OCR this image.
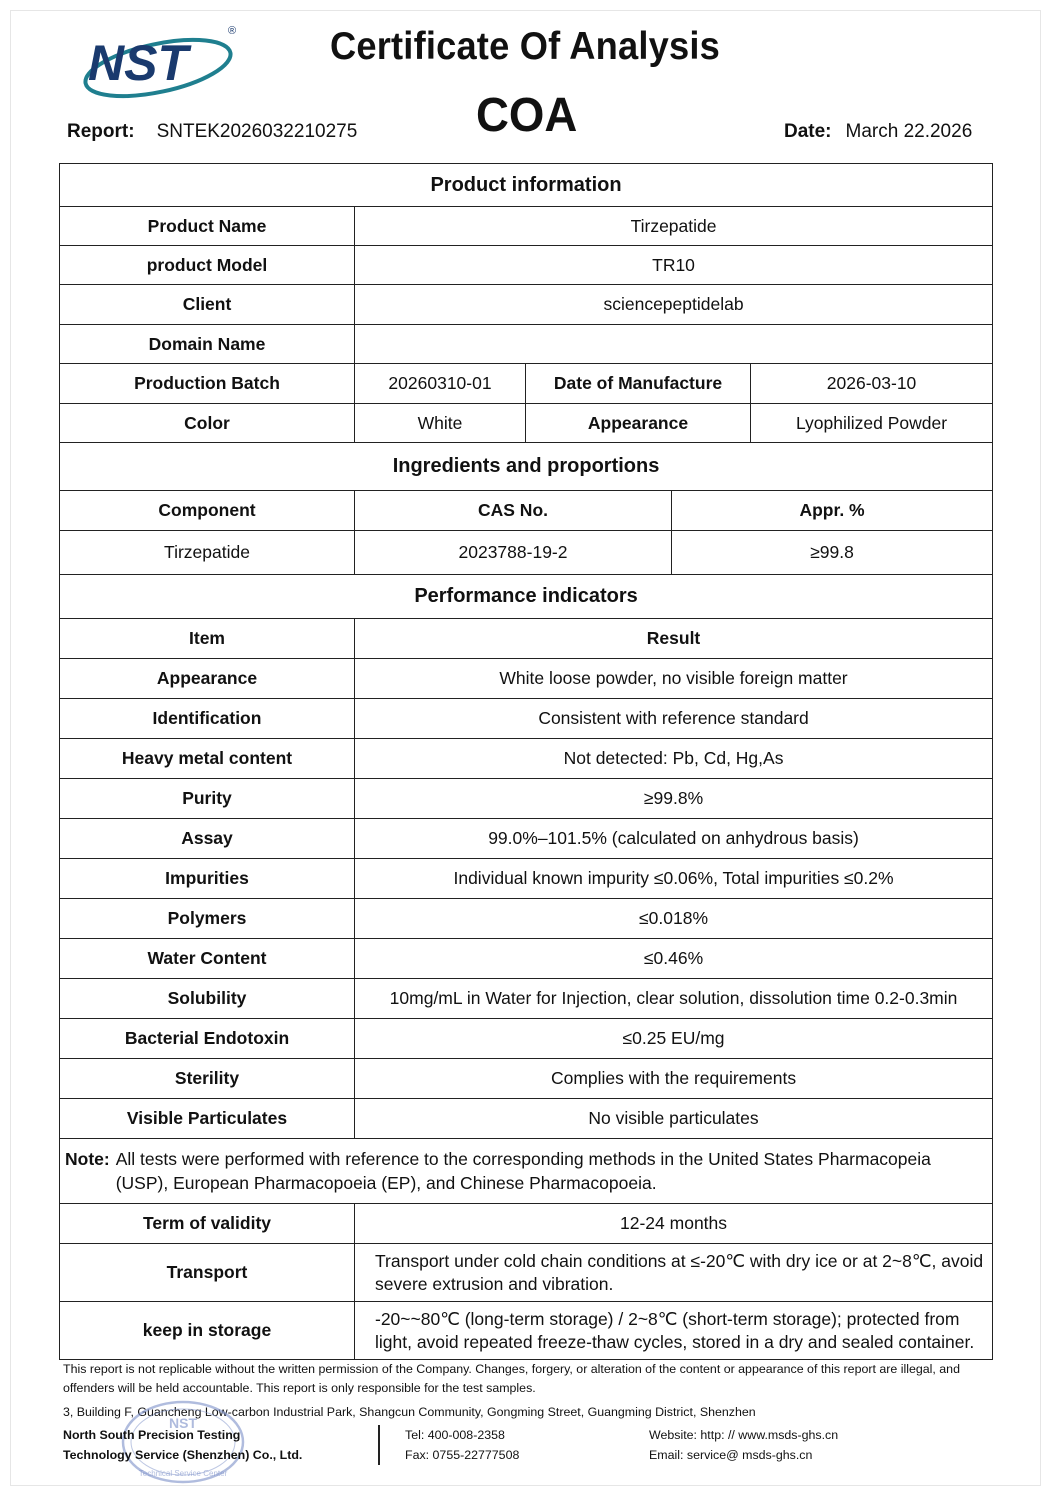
NST
® Certificate Of Analysis
COA
Report: SNTEK2026032210275	Date: March 22.2026
Product information				
Product Name	Tirzepatide			
product Model	TR10			
Client	sciencepeptidelab			
Domain Name				
Production Batch	20260310-01	Date of Manufacture		2026-03-10
Color	White	Appearance		Lyophilized Powder
Ingredients and proportions				
Component	CAS No.		Appr. %	
Tirzepatide	2023788-19-2		≥99.8	
Performance indicators				
Item	Result			
Appearance	White loose powder, no visible foreign matter			
Identification	Consistent with reference standard			
Heavy metal content	Not detected: Pb, Cd, Hg,As			
Purity	≥99.8%			
Assay	99.0%–101.5% (calculated on anhydrous basis)			
Impurities	Individual known impurity ≤0.06%, Total impurities ≤0.2%			
Polymers	≤0.018%			
Water Content	≤0.46%			
Solubility	10mg/mL in Water for Injection, clear solution, dissolution time 0.2-0.3min			
Bacterial Endotoxin	≤0.25 EU/mg			
Sterility	Complies with the requirements			
Visible Particulates	No visible particulates			

Note: All tests were performed with reference to the corresponding methods in the United States Pharmacopeia (USP), European Pharmacopoeia (EP), and Chinese Pharmacopoeia.				

Term of validity	12-24 months			
Transport	Transport under cold chain conditions at ≤-20℃ with dry ice or at 2~8℃, avoid severe extrusion and vibration.			
keep in storage	-20~~80℃ (long-term storage) / 2~8℃ (short-term storage); protected from light, avoid repeated freeze-thaw cycles, stored in a dry and sealed container.			
This report is not replicable without the written permission of the Company. Changes, forgery, or alteration of the content or appearance of this report are illegal, and offenders will be held accountable. This report is only responsible for the test samples.
3, Building F, Guancheng Low-carbon Industrial Park, Shangcun Community, Gongming Street, Guangming District, Shenzhen
NST
Technical Service Center
North South Precision Testing
Technology Service (Shenzhen) Co., Ltd.
Tel: 400-008-2358
Fax: 0755-22777508
Website: http: // www.msds-ghs.cn
Email: service@ msds-ghs.cn
